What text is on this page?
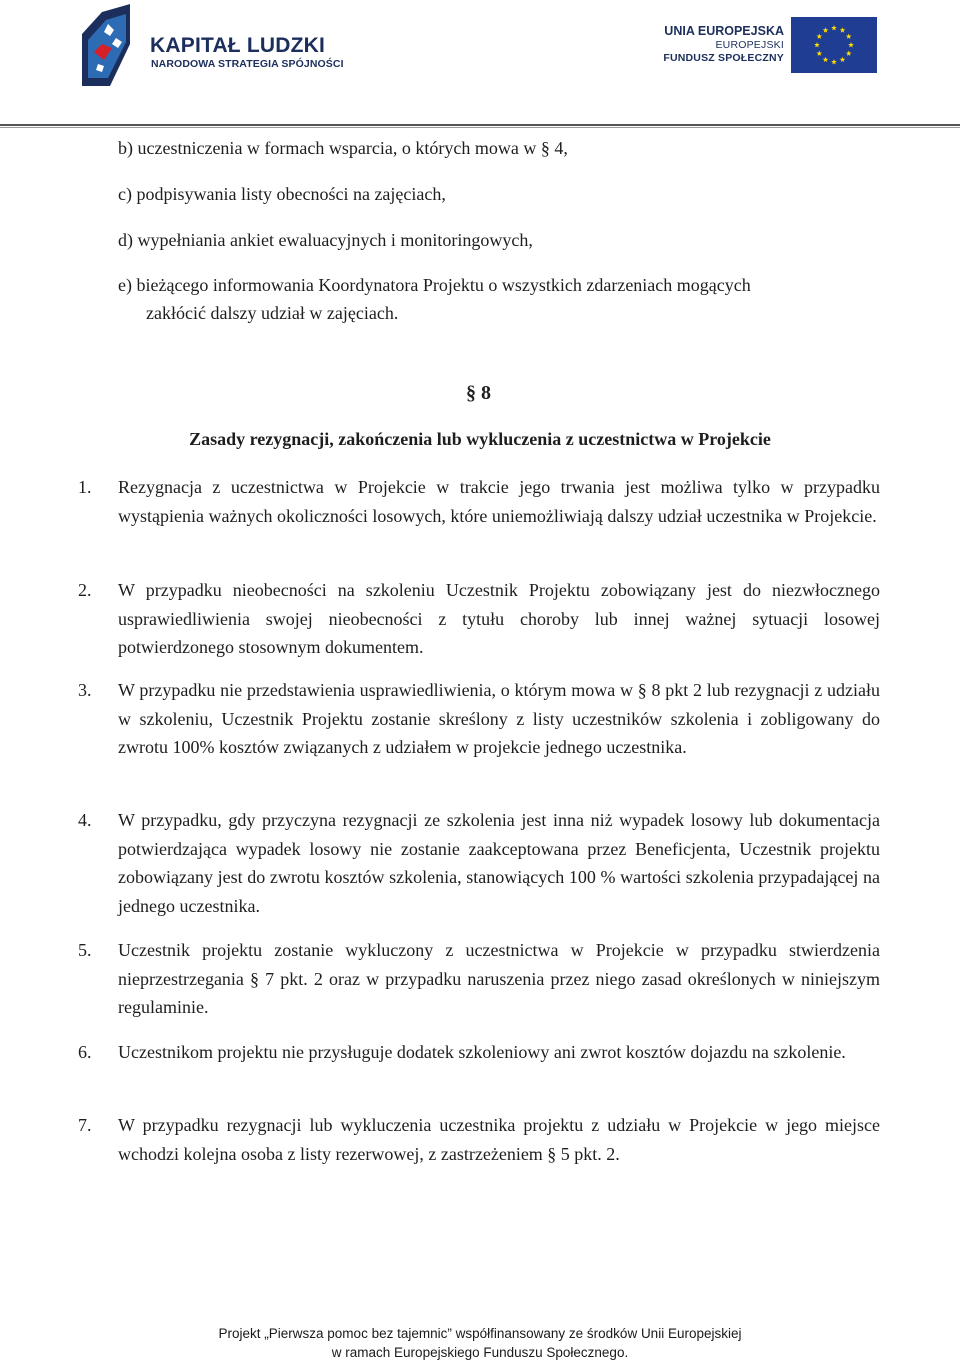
KAPITAŁ LUDZKI
NARODOWA STRATEGIA SPÓJNOŚCI
UNIA EUROPEJSKA
EUROPEJSKI
FUNDUSZ SPOŁECZNY
b) uczestniczenia w formach wsparcia, o których mowa w § 4,
c) podpisywania listy obecności na zajęciach,
d) wypełniania ankiet ewaluacyjnych i monitoringowych,
e) bieżącego informowania Koordynatora Projektu o wszystkich zdarzeniach mogących
zakłócić dalszy udział w zajęciach.
§ 8
Zasady rezygnacji, zakończenia lub wykluczenia z uczestnictwa w Projekcie
1. Rezygnacja z uczestnictwa w Projekcie w trakcie jego trwania jest możliwa tylko w przypadku wystąpienia ważnych okoliczności losowych, które uniemożliwiają dalszy udział uczestnika w Projekcie.
2. W przypadku nieobecności na szkoleniu Uczestnik Projektu zobowiązany jest do niezwłocznego usprawiedliwienia swojej nieobecności z tytułu choroby lub innej ważnej sytuacji losowej potwierdzonego stosownym dokumentem.
3. W przypadku nie przedstawienia usprawiedliwienia, o którym mowa w § 8 pkt 2 lub rezygnacji z udziału w szkoleniu, Uczestnik Projektu zostanie skreślony z listy uczestników szkolenia i zobligowany do zwrotu 100% kosztów związanych z udziałem w projekcie jednego uczestnika.
4. W przypadku, gdy przyczyna rezygnacji ze szkolenia jest inna niż wypadek losowy lub dokumentacja potwierdzająca wypadek losowy nie zostanie zaakceptowana przez Beneficjenta, Uczestnik projektu zobowiązany jest do zwrotu kosztów szkolenia, stanowiących 100 % wartości szkolenia przypadającej na jednego uczestnika.
5. Uczestnik projektu zostanie wykluczony z uczestnictwa w Projekcie w przypadku stwierdzenia nieprzestrzegania § 7 pkt. 2 oraz w przypadku naruszenia przez niego zasad określonych w niniejszym regulaminie.
6. Uczestnikom projektu nie przysługuje dodatek szkoleniowy ani zwrot kosztów dojazdu na szkolenie.
7. W przypadku rezygnacji lub wykluczenia uczestnika projektu z udziału w Projekcie w jego miejsce wchodzi kolejna osoba z listy rezerwowej, z zastrzeżeniem § 5 pkt. 2.
Projekt „Pierwsza pomoc bez tajemnic” współfinansowany ze środków Unii Europejskiej
w ramach Europejskiego Funduszu Społecznego.
